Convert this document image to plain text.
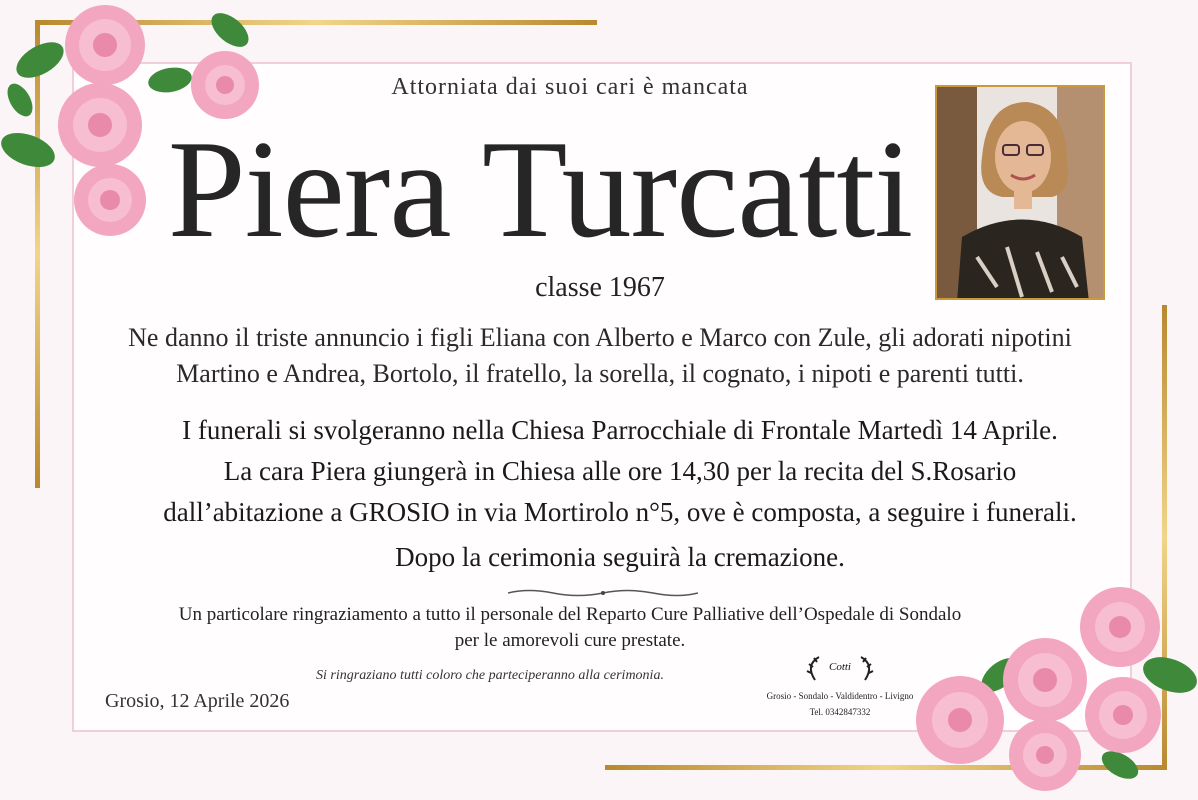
Attorniata dai suoi cari è mancata
Piera Turcatti
classe 1967
Ne danno il triste annuncio i figli Eliana con Alberto e Marco con Zule, gli adorati nipotini
Martino e Andrea, Bortolo, il fratello, la sorella, il cognato, i nipoti e parenti tutti.
I funerali si svolgeranno nella Chiesa Parrocchiale di Frontale Martedì 14 Aprile.
La cara Piera giungerà in Chiesa alle ore 14,30 per la recita del S.Rosario
dall’abitazione a GROSIO in via Mortirolo n°5, ove è composta, a seguire i funerali.
Dopo la cerimonia seguirà la cremazione.
Un particolare ringraziamento a tutto il personale del Reparto Cure Palliative dell’Ospedale di Sondalo
per le amorevoli cure prestate.
Si ringraziano tutti coloro che parteciperanno alla cerimonia.
Grosio, 12 Aprile 2026
Cotti
Grosio - Sondalo - Valdidentro - Livigno
Tel. 0342847332
